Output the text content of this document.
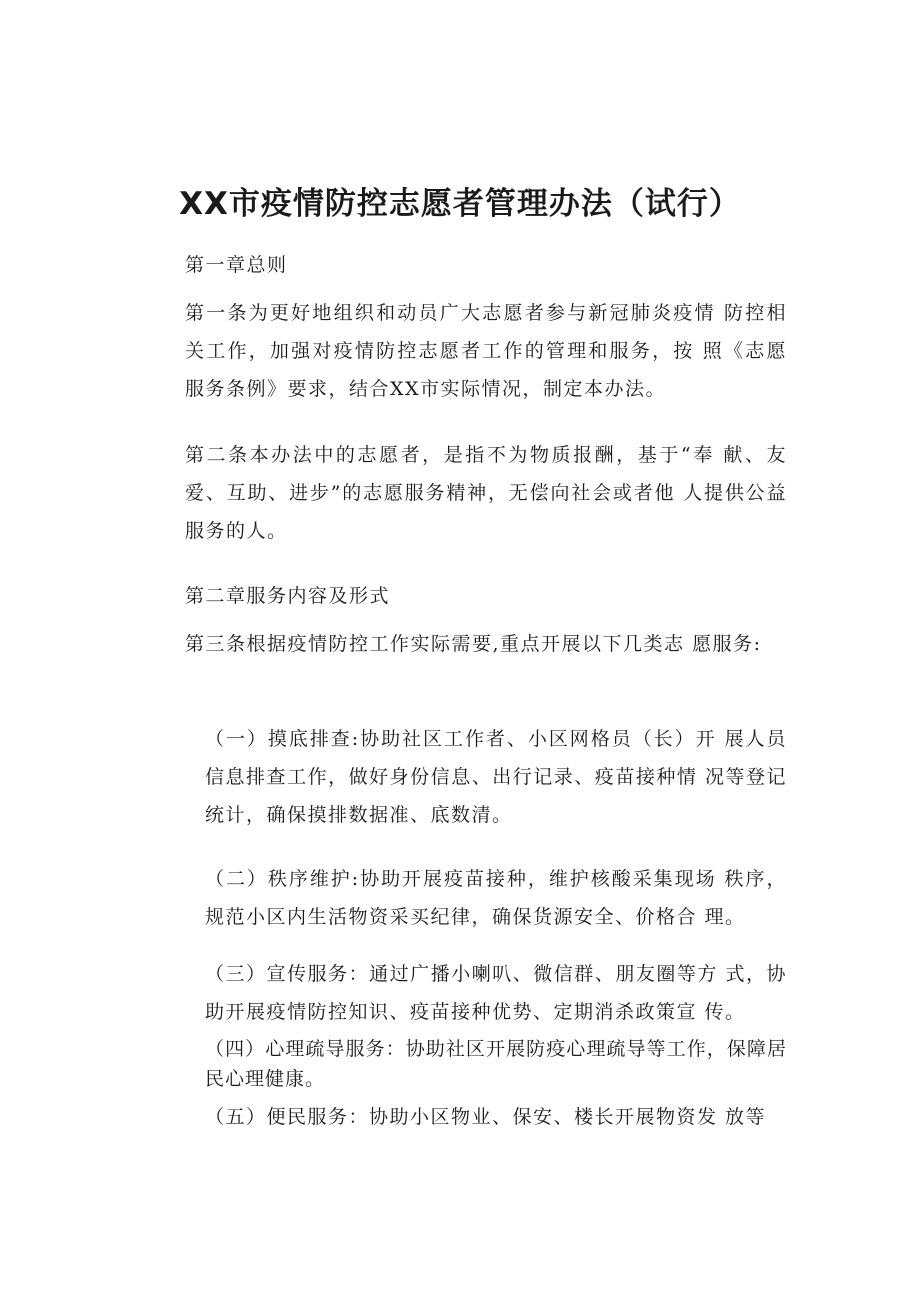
XX市疫情防控志愿者管理办法（试行）
第一章总则
第一条为更好地组织和动员广大志愿者参与新冠肺炎疫情 防控相关工作，加强对疫情防控志愿者工作的管理和服务，按 照《志愿服务条例》要求，结合XX市实际情况，制定本办法。
第二条本办法中的志愿者，是指不为物质报酬，基于“奉 献、友爱、互助、进步”的志愿服务精神，无偿向社会或者他 人提供公益服务的人。
第二章服务内容及形式
第三条根据疫情防控工作实际需要,重点开展以下几类志 愿服务:
（一）摸底排查:协助社区工作者、小区网格员（长）开 展人员信息排查工作，做好身份信息、出行记录、疫苗接种情 况等登记统计，确保摸排数据准、底数清。
（二）秩序维护:协助开展疫苗接种，维护核酸采集现场 秩序，规范小区内生活物资采买纪律，确保货源安全、价格合 理。
（三）宣传服务：通过广播小喇叭、微信群、朋友圈等方 式，协助开展疫情防控知识、疫苗接种优势、定期消杀政策宣 传。
（四）心理疏导服务：协助社区开展防疫心理疏导等工作，保障居民心理健康。
（五）便民服务：协助小区物业、保安、楼长开展物资发 放等
